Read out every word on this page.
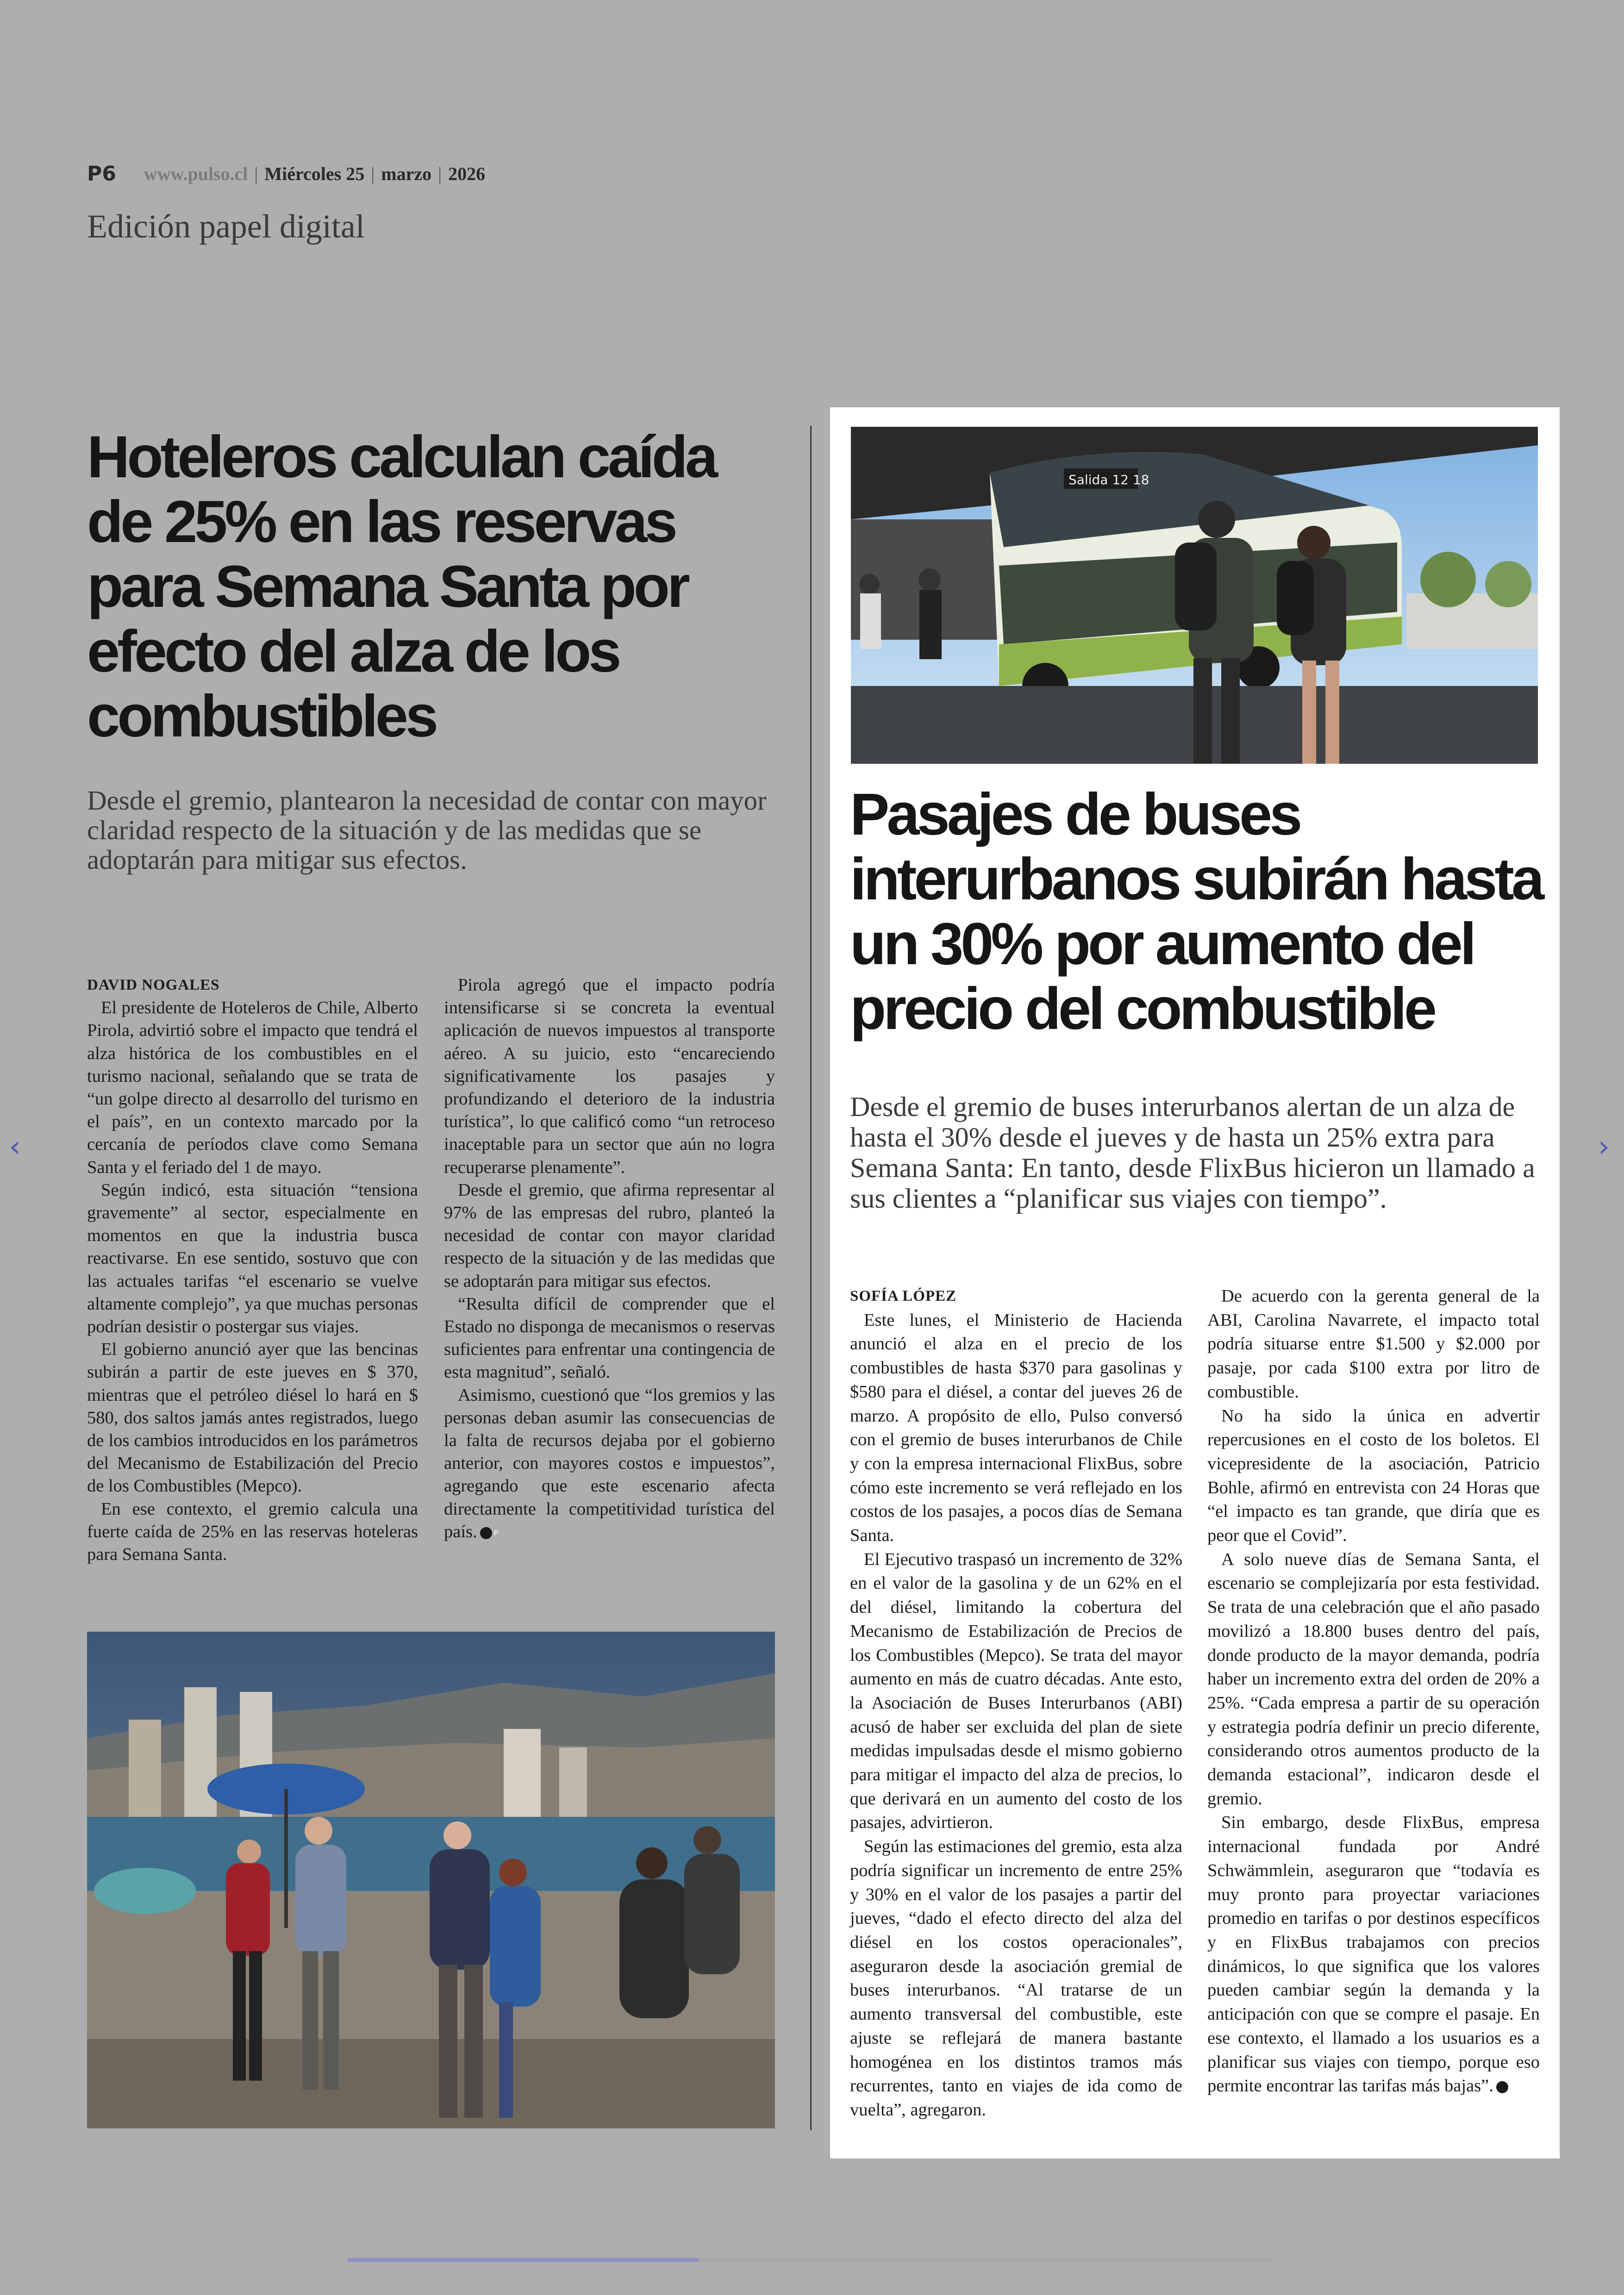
P6 www.pulso.cl | Miércoles 25 | marzo | 2026
Edición papel digital
Hoteleros calculan caída de 25% en las reservas para Semana Santa por efecto del alza de los combustibles
Desde el gremio, plantearon la necesidad de contar con mayor claridad respecto de la situación y de las medidas que se adoptarán para mitigar sus efectos.
DAVID NOGALES

El presidente de Hoteleros de Chile, Alberto Pirola, advirtió sobre el impacto que tendrá el alza histórica de los combustibles en el turismo nacional, señalando que se trata de “un golpe directo al desarrollo del turismo en el país”, en un contexto marcado por la cercanía de períodos clave como Semana Santa y el feriado del 1 de mayo.

Según indicó, esta situación “tensiona gravemente” al sector, especialmente en momentos en que la industria busca reactivarse. En ese sentido, sostuvo que con las actuales tarifas “el escenario se vuelve altamente complejo”, ya que muchas personas podrían desistir o postergar sus viajes.

El gobierno anunció ayer que las bencinas subirán a partir de este jueves en $ 370, mientras que el petróleo diésel lo hará en $ 580, dos saltos jamás antes registrados, luego de los cambios introducidos en los parámetros del Mecanismo de Estabilización del Precio de los Combustibles (Mepco).

En ese contexto, el gremio calcula una fuerte caída de 25% en las reservas hoteleras para Semana Santa.

Pirola agregó que el impacto podría intensificarse si se concreta la eventual aplicación de nuevos impuestos al transporte aéreo. A su juicio, esto “encareciendo significativamente los pasajes y profundizando el deterioro de la industria turística”, lo que calificó como “un retroceso inaceptable para un sector que aún no logra recuperarse plenamente”.

Desde el gremio, que afirma representar al 97% de las empresas del rubro, planteó la necesidad de contar con mayor claridad respecto de la situación y de las medidas que se adoptarán para mitigar sus efectos.

“Resulta difícil de comprender que el Estado no disponga de mecanismos o reservas suficientes para enfrentar una contingencia de esta magnitud”, señaló.

Asimismo, cuestionó que “los gremios y las personas deban asumir las consecuencias de la falta de recursos dejaba por el gobierno anterior, con mayores costos e impuestos”, agregando que este escenario afecta directamente la competitividad turística del país. P

Salida 12 18
Pasajes de buses interurbanos subirán hasta un 30% por aumento del precio del combustible
Desde el gremio de buses interurbanos alertan de un alza de hasta el 30% desde el jueves y de hasta un 25% extra para Semana Santa: En tanto, desde FlixBus hicieron un llamado a sus clientes a “planificar sus viajes con tiempo”.
SOFÍA LÓPEZ

Este lunes, el Ministerio de Hacienda anunció el alza en el precio de los combustibles de hasta $370 para gasolinas y $580 para el diésel, a contar del jueves 26 de marzo. A propósito de ello, Pulso conversó con el gremio de buses interurbanos de Chile y con la empresa internacional FlixBus, sobre cómo este incremento se verá reflejado en los costos de los pasajes, a pocos días de Semana Santa.

El Ejecutivo traspasó un incremento de 32% en el valor de la gasolina y de un 62% en el del diésel, limitando la cobertura del Mecanismo de Estabilización de Precios de los Combustibles (Mepco). Se trata del mayor aumento en más de cuatro décadas. Ante esto, la Asociación de Buses Interurbanos (ABI) acusó de haber ser excluida del plan de siete medidas impulsadas desde el mismo gobierno para mitigar el impacto del alza de precios, lo que derivará en un aumento del costo de los pasajes, advirtieron.

Según las estimaciones del gremio, esta alza podría significar un incremento de entre 25% y 30% en el valor de los pasajes a partir del jueves, “dado el efecto directo del alza del diésel en los costos operacionales”, aseguraron desde la asociación gremial de buses interurbanos. “Al tratarse de un aumento transversal del combustible, este ajuste se reflejará de manera bastante homogénea en los distintos tramos más recurrentes, tanto en viajes de ida como de vuelta”, agregaron.

De acuerdo con la gerenta general de la ABI, Carolina Navarrete, el impacto total podría situarse entre $1.500 y $2.000 por pasaje, por cada $100 extra por litro de combustible.

No ha sido la única en advertir repercusiones en el costo de los boletos. El vicepresidente de la asociación, Patricio Bohle, afirmó en entrevista con 24 Horas que “el impacto es tan grande, que diría que es peor que el Covid”.

A solo nueve días de Semana Santa, el escenario se complejizaría por esta festividad. Se trata de una celebración que el año pasado movilizó a 18.800 buses dentro del país, donde producto de la mayor demanda, podría haber un incremento extra del orden de 20% a 25%. “Cada empresa a partir de su operación y estrategia podría definir un precio diferente, considerando otros aumentos producto de la demanda estacional”, indicaron desde el gremio.

Sin embargo, desde FlixBus, empresa internacional fundada por André Schwämmlein, aseguraron que “todavía es muy pronto para proyectar variaciones promedio en tarifas o por destinos específicos y en FlixBus trabajamos con precios dinámicos, lo que significa que los valores pueden cambiar según la demanda y la anticipación con que se compre el pasaje. En ese contexto, el llamado a los usuarios es a planificar sus viajes con tiempo, porque eso permite encontrar las tarifas más bajas”. P

‹	›
